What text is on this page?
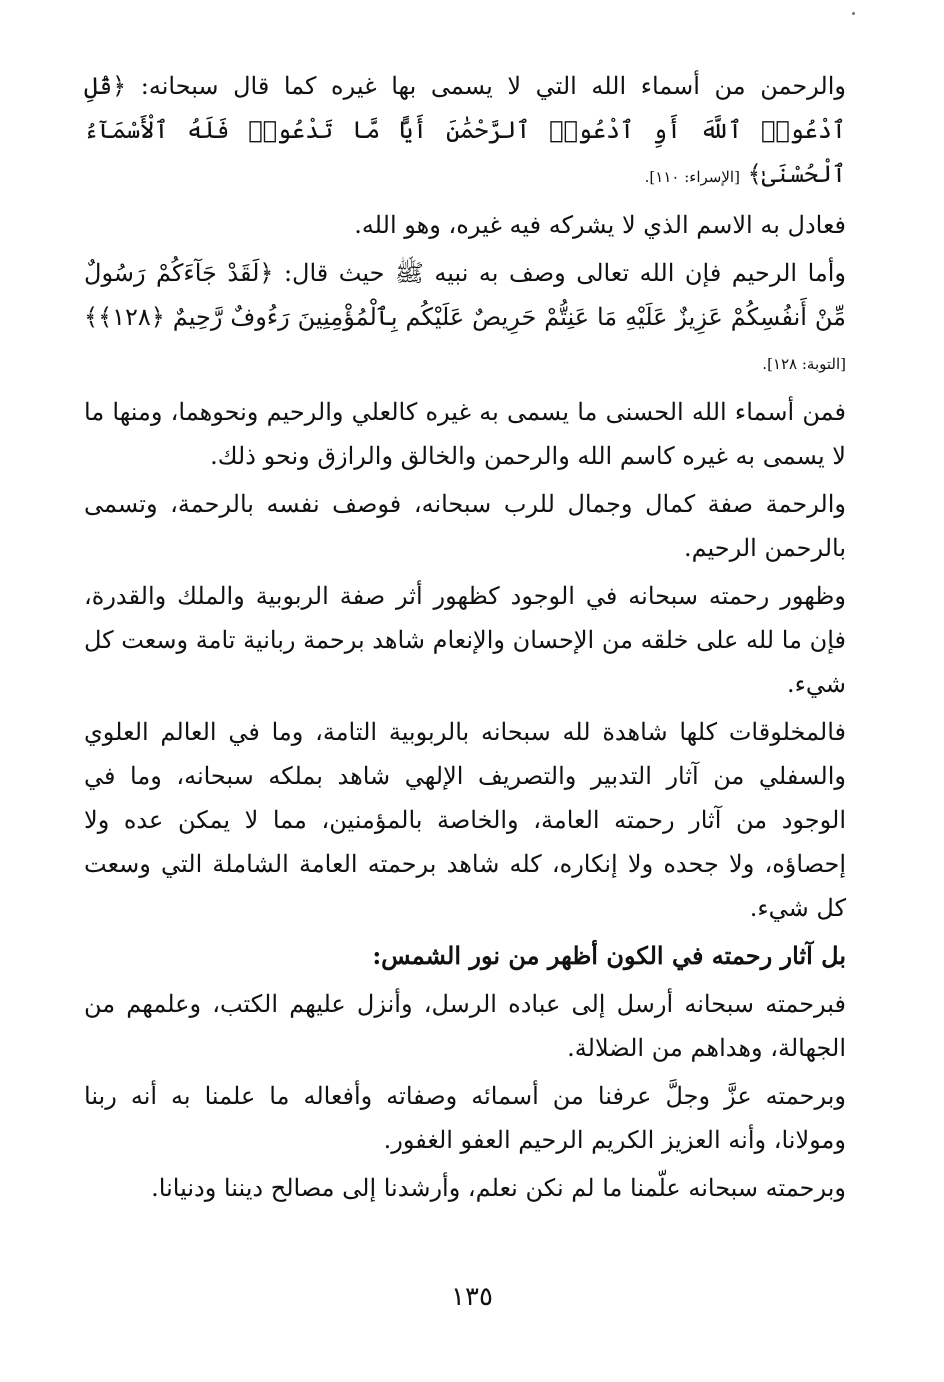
والرحمن من أسماء الله التي لا يسمى بها غيره كما قال سبحانه: ﴿قُلِ ٱدْعُوا۟ ٱللَّهَ أَوِ ٱدْعُوا۟ ٱلرَّحْمَٰنَ أَيًّا مَّا تَدْعُوا۟ فَلَهُ ٱلْأَسْمَآءُ ٱلْحُسْنَىٰ﴾ [الإسراء: ١١٠].

فعادل به الاسم الذي لا يشركه فيه غيره، وهو الله.

وأما الرحيم فإن الله تعالى وصف به نبيه ﷺ حيث قال: ﴿لَقَدْ جَآءَكُمْ رَسُولٌ مِّنْ أَنفُسِكُمْ عَزِيزٌ عَلَيْهِ مَا عَنِتُّمْ حَرِيصٌ عَلَيْكُم بِٱلْمُؤْمِنِينَ رَءُوفٌ رَّحِيمٌ ﴿١٢٨﴾﴾ [التوبة: ١٢٨].

فمن أسماء الله الحسنى ما يسمى به غيره كالعلي والرحيم ونحوهما، ومنها ما لا يسمى به غيره كاسم الله والرحمن والخالق والرازق ونحو ذلك.

والرحمة صفة كمال وجمال للرب سبحانه، فوصف نفسه بالرحمة، وتسمى بالرحمن الرحيم.

وظهور رحمته سبحانه في الوجود كظهور أثر صفة الربوبية والملك والقدرة، فإن ما لله على خلقه من الإحسان والإنعام شاهد برحمة ربانية تامة وسعت كل شيء.

فالمخلوقات كلها شاهدة لله سبحانه بالربوبية التامة، وما في العالم العلوي والسفلي من آثار التدبير والتصريف الإلهي شاهد بملكه سبحانه، وما في الوجود من آثار رحمته العامة، والخاصة بالمؤمنين، مما لا يمكن عده ولا إحصاؤه، ولا جحده ولا إنكاره، كله شاهد برحمته العامة الشاملة التي وسعت كل شيء.

بل آثار رحمته في الكون أظهر من نور الشمس:

فبرحمته سبحانه أرسل إلى عباده الرسل، وأنزل عليهم الكتب، وعلمهم من الجهالة، وهداهم من الضلالة.

وبرحمته عزَّ وجلَّ عرفنا من أسمائه وصفاته وأفعاله ما علمنا به أنه ربنا ومولانا، وأنه العزيز الكريم الرحيم العفو الغفور.

وبرحمته سبحانه علّمنا ما لم نكن نعلم، وأرشدنا إلى مصالح ديننا ودنيانا.

١٣٥
